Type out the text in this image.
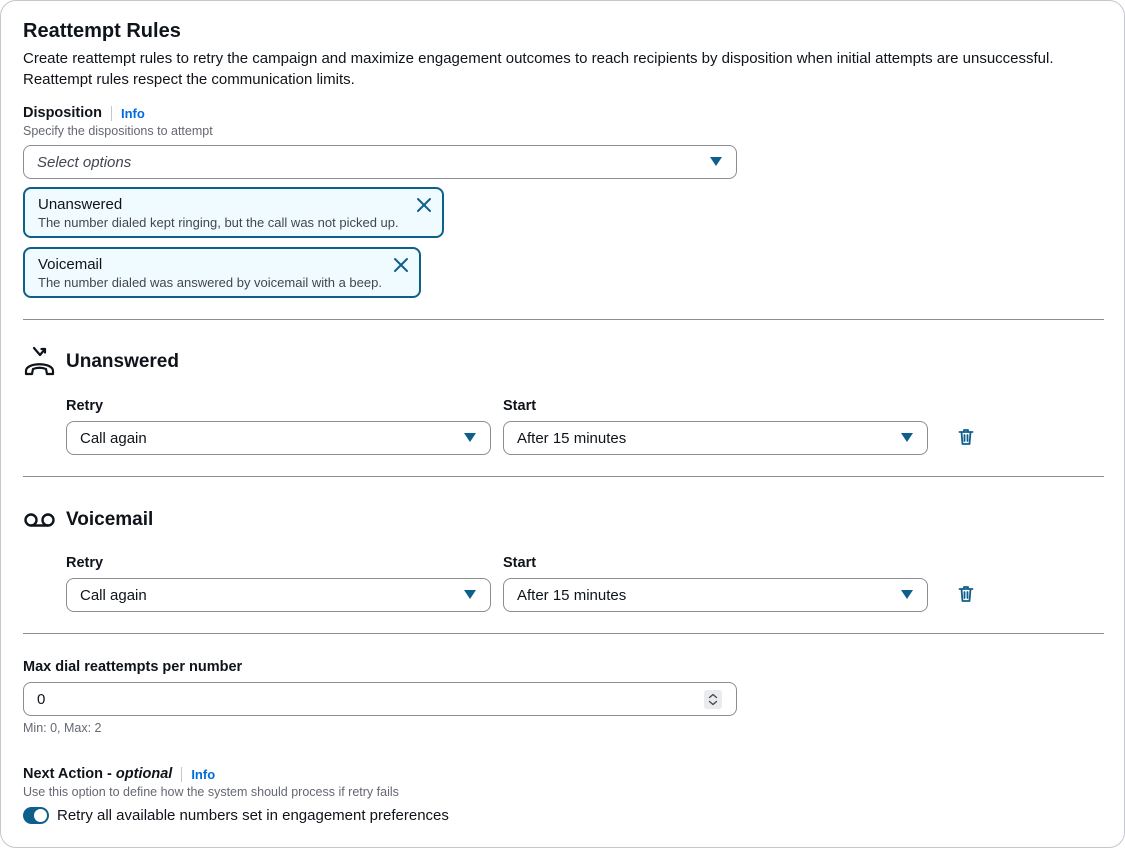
Reattempt Rules
Create reattempt rules to retry the campaign and maximize engagement outcomes to reach recipients by disposition when initial attempts are unsuccessful. Reattempt rules respect the communication limits.
Disposition Info
Specify the dispositions to attempt
Select options
Unanswered
The number dialed kept ringing, but the call was not picked up.
Voicemail
The number dialed was answered by voicemail with a beep.
Unanswered
Retry	Start
Call again	After 15 minutes
Voicemail
Retry	Start
Call again	After 15 minutes
Max dial reattempts per number
0
Min: 0, Max: 2
Next Action - optional Info
Use this option to define how the system should process if retry fails
Retry all available numbers set in engagement preferences
